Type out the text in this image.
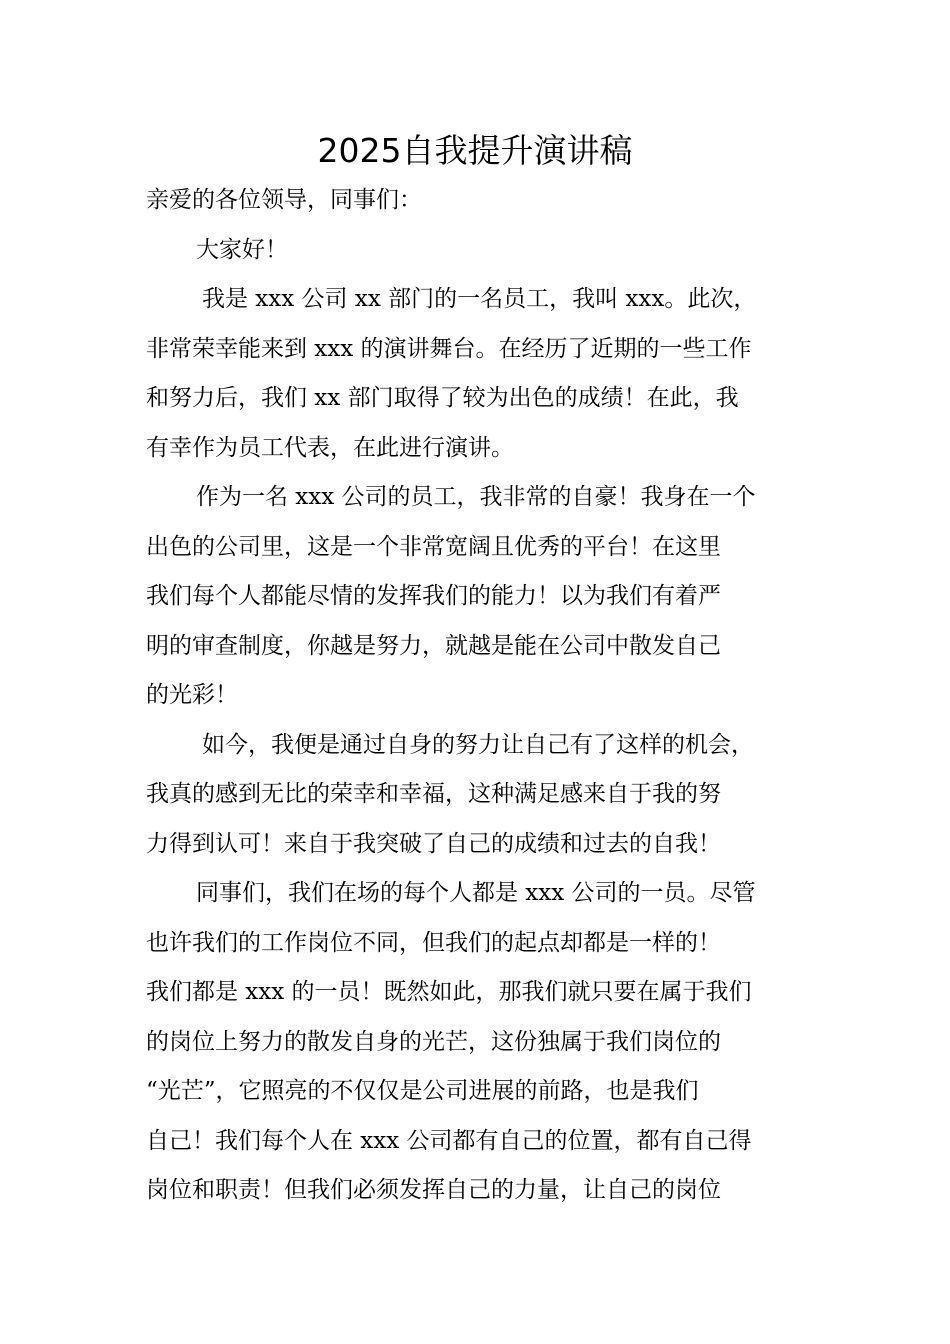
2025自我提升演讲稿
亲爱的各位领导，同事们：
大家好！
我是 xxx 公司 xx 部门的一名员工，我叫 xxx。此次，
非常荣幸能来到 xxx 的演讲舞台。在经历了近期的一些工作
和努力后，我们 xx 部门取得了较为出色的成绩！在此，我
有幸作为员工代表，在此进行演讲。
作为一名 xxx 公司的员工，我非常的自豪！我身在一个
出色的公司里，这是一个非常宽阔且优秀的平台！在这里
我们每个人都能尽情的发挥我们的能力！以为我们有着严
明的审查制度，你越是努力，就越是能在公司中散发自己
的光彩！
如今，我便是通过自身的努力让自己有了这样的机会，
我真的感到无比的荣幸和幸福，这种满足感来自于我的努
力得到认可！来自于我突破了自己的成绩和过去的自我！
同事们，我们在场的每个人都是 xxx 公司的一员。尽管
也许我们的工作岗位不同，但我们的起点却都是一样的！
我们都是 xxx 的一员！既然如此，那我们就只要在属于我们
的岗位上努力的散发自身的光芒，这份独属于我们岗位的
“光芒”，它照亮的不仅仅是公司进展的前路，也是我们
自己！我们每个人在 xxx 公司都有自己的位置，都有自己得
岗位和职责！但我们必须发挥自己的力量，让自己的岗位
